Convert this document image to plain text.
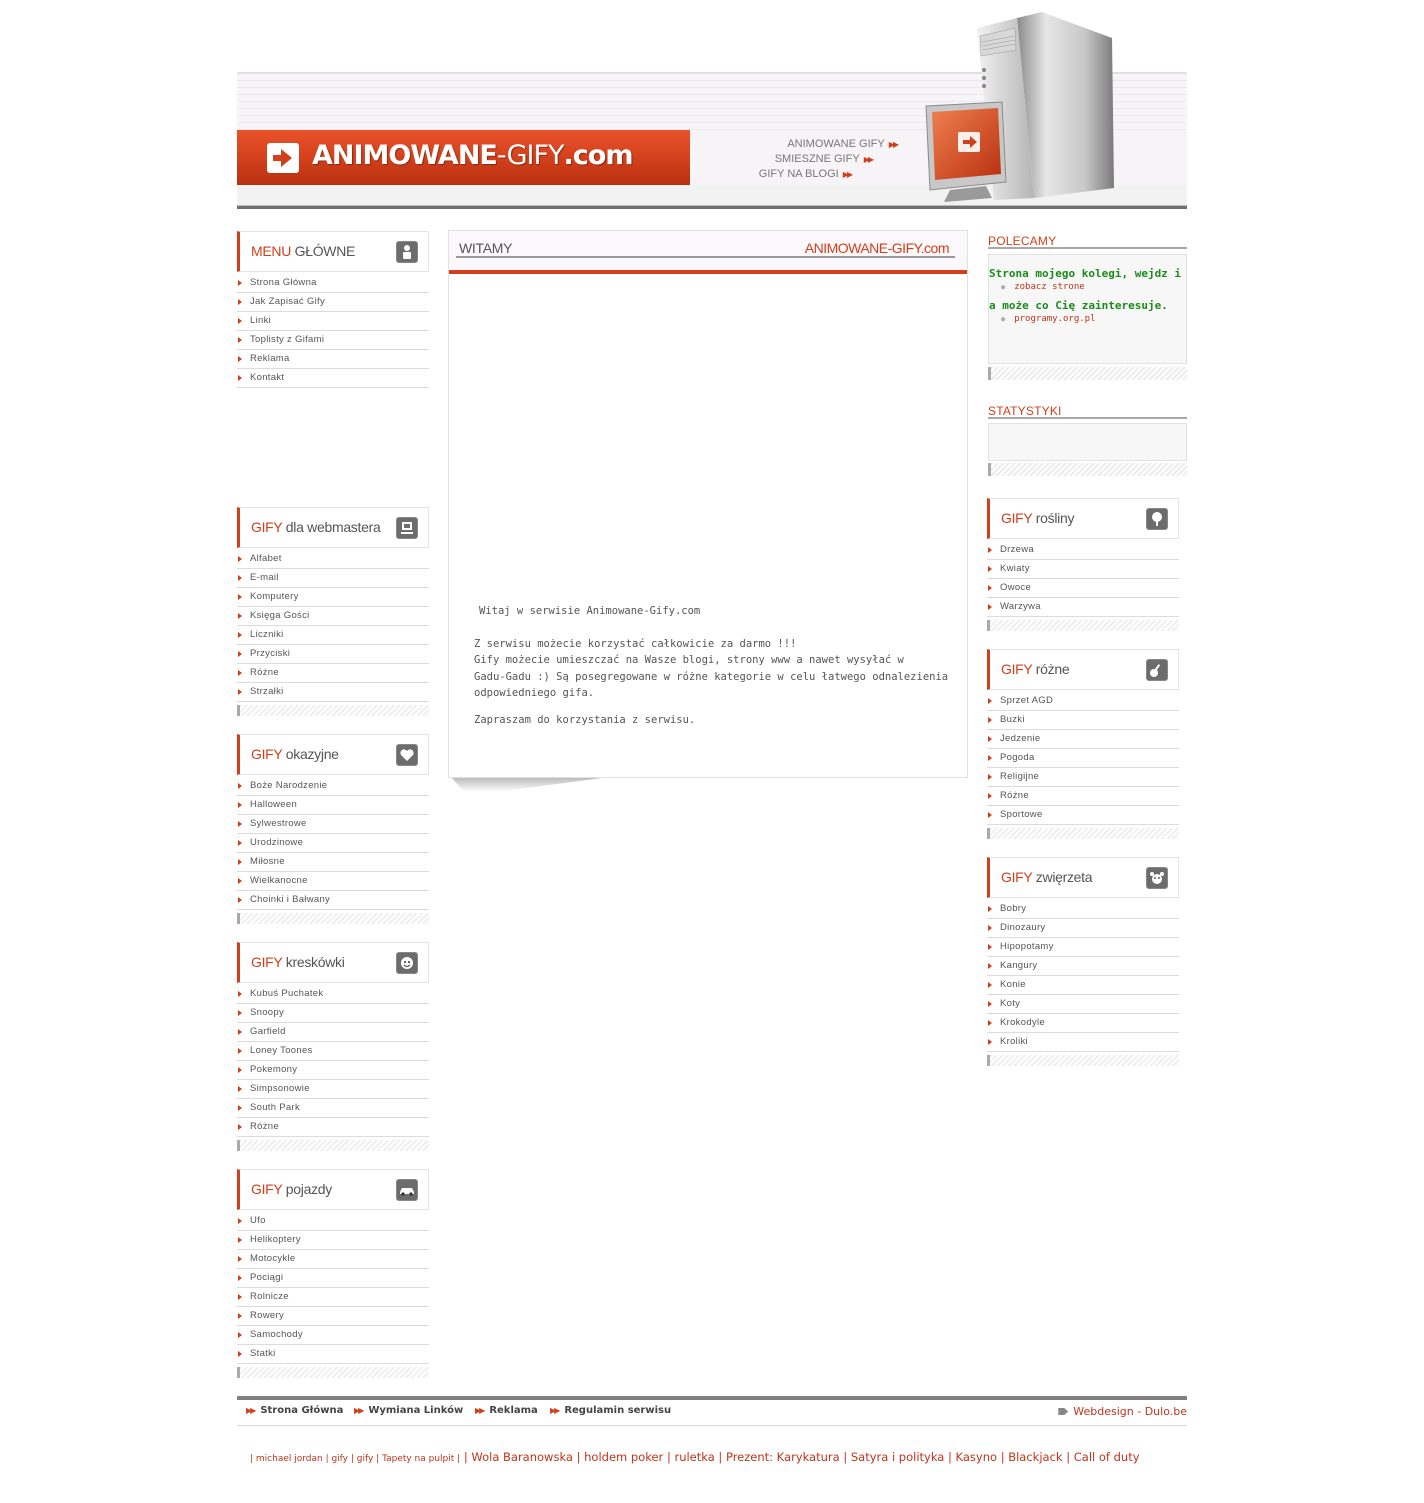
ANIMOWANE-GIFY.com	ANIMOWANE GIFY ▶▶
SMIESZNE GIFY ▶▶
GIFY NA BLOGI ▶▶
MENU GŁÓWNE
Strona Główna
Jak Zapisać Gify
Linki
Toplisty z Gifami
Reklama
Kontakt
GIFY dla webmastera
Alfabet
E-mail
Komputery
Księga Gości
Liczniki
Przyciski
Różne
Strzałki
GIFY okazyjne
Boże Narodzenie
Halloween
Sylwestrowe
Urodzinowe
Miłosne
Wielkanocne
Choinki i Bałwany
GIFY kreskówki
Kubuś Puchatek
Snoopy
Garfield
Loney Toones
Pokemony
Simpsonowie
South Park
Różne
GIFY pojazdy
Ufo
Helikoptery
Motocykle
Pociągi
Rolnicze
Rowery
Samochody
Statki
WITAMY	ANIMOWANE-GIFY.com

Witaj w serwisie Animowane-Gify.com

Z serwisu możecie korzystać całkowicie za darmo !!!
Gify możecie umieszczać na Wasze blogi, strony www a nawet wysyłać w
Gadu-Gadu :) Są posegregowane w różne kategorie w celu łatwego odnalezienia
odpowiedniego gifa.

Zapraszam do korzystania z serwisu.

POLECAMY
Strona mojego kolegi, wejdz i
● zobacz strone
a może co Cię zainteresuje.
● programy.org.pl
STATYSTYKI
GIFY rośliny
Drzewa
Kwiaty
Owoce
Warzywa
GIFY różne
Sprzet AGD
Buzki
Jedzenie
Pogoda
Religijne
Różne
Sportowe
GIFY zwięrzeta
Bobry
Dinozaury
Hipopotamy
Kangury
Konie
Koty
Krokodyle
Kroliki
▶▶ Strona Główna ▶▶ Wymiana Linków ▶▶ Reklama ▶▶ Regulamin serwisu	Webdesign - Dulo.be
| michael jordan | gify | gify | Tapety na pulpit | | Wola Baranowska | holdem poker | ruletka | Prezent: Karykatura | Satyra i polityka | Kasyno | Blackjack | Call of duty
